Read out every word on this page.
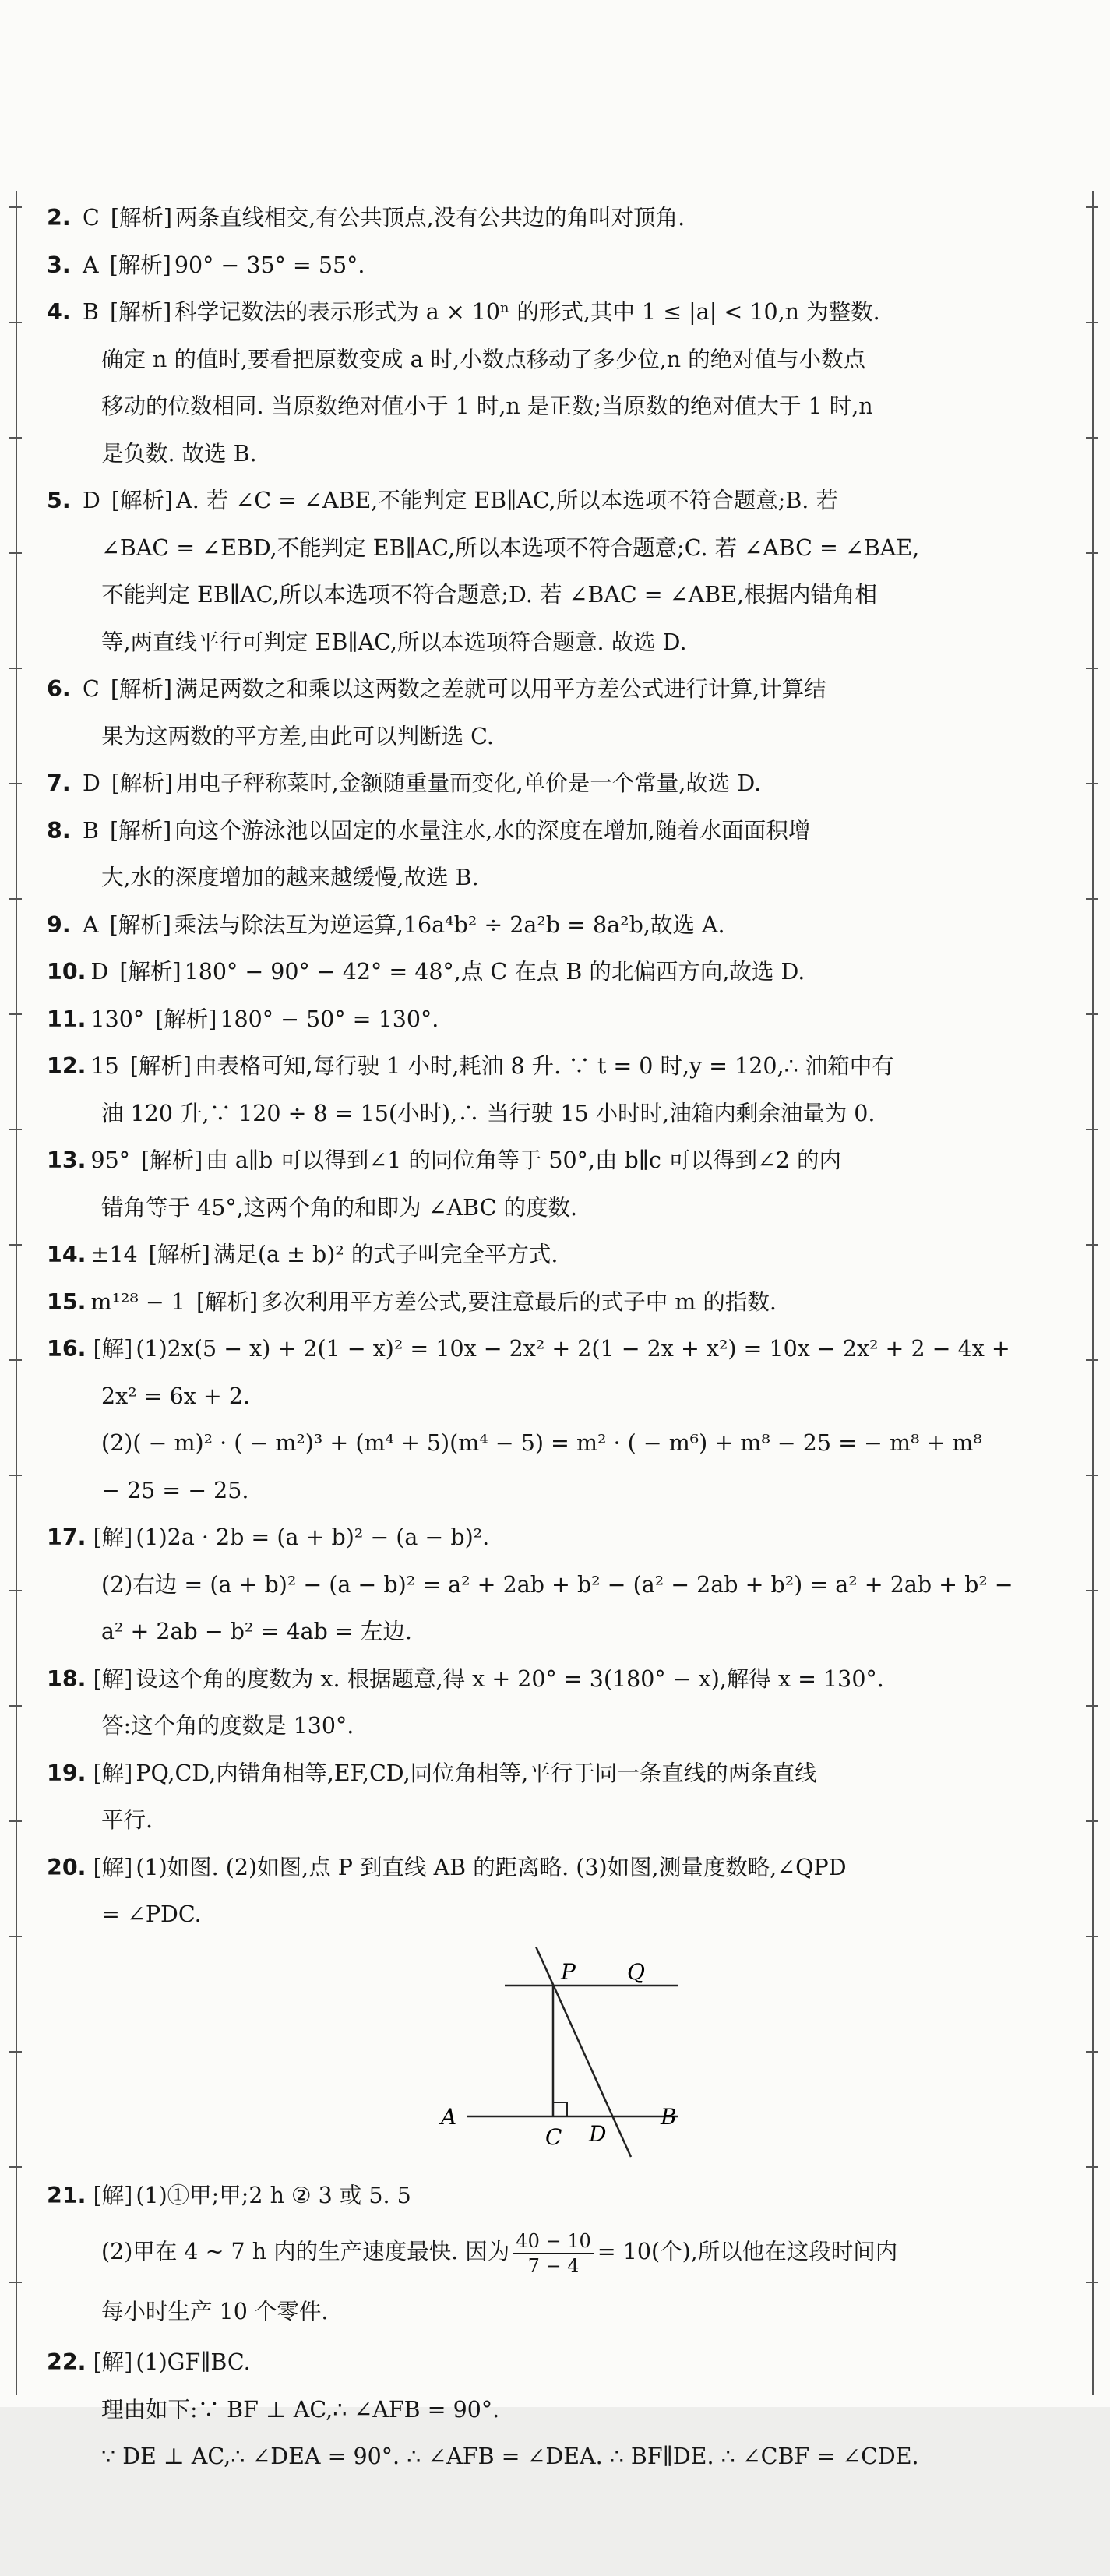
2. C [解析] 两条直线相交,有公共顶点,没有公共边的角叫对顶角.

3. A [解析] 90° − 35° = 55°.

4. B [解析] 科学记数法的表示形式为 a × 10ⁿ 的形式,其中 1 ≤ |a| < 10,n 为整数.

确定 n 的值时,要看把原数变成 a 时,小数点移动了多少位,n 的绝对值与小数点

移动的位数相同. 当原数绝对值小于 1 时,n 是正数;当原数的绝对值大于 1 时,n

是负数. 故选 B.

5. D [解析] A. 若 ∠C = ∠ABE,不能判定 EB∥AC,所以本选项不符合题意;B. 若

∠BAC = ∠EBD,不能判定 EB∥AC,所以本选项不符合题意;C. 若 ∠ABC = ∠BAE,

不能判定 EB∥AC,所以本选项不符合题意;D. 若 ∠BAC = ∠ABE,根据内错角相

等,两直线平行可判定 EB∥AC,所以本选项符合题意. 故选 D.

6. C [解析] 满足两数之和乘以这两数之差就可以用平方差公式进行计算,计算结

果为这两数的平方差,由此可以判断选 C.

7. D [解析] 用电子秤称菜时,金额随重量而变化,单价是一个常量,故选 D.

8. B [解析] 向这个游泳池以固定的水量注水,水的深度在增加,随着水面面积增

大,水的深度增加的越来越缓慢,故选 B.

9. A [解析] 乘法与除法互为逆运算,16a⁴b² ÷ 2a²b = 8a²b,故选 A.

10. D [解析] 180° − 90° − 42° = 48°,点 C 在点 B 的北偏西方向,故选 D.

11. 130° [解析] 180° − 50° = 130°.

12. 15 [解析] 由表格可知,每行驶 1 小时,耗油 8 升. ∵ t = 0 时,y = 120,∴ 油箱中有

油 120 升,∵ 120 ÷ 8 = 15(小时),∴ 当行驶 15 小时时,油箱内剩余油量为 0.

13. 95° [解析] 由 a∥b 可以得到∠1 的同位角等于 50°,由 b∥c 可以得到∠2 的内

错角等于 45°,这两个角的和即为 ∠ABC 的度数.

14. ±14 [解析] 满足(a ± b)² 的式子叫完全平方式.

15. m¹²⁸ − 1 [解析] 多次利用平方差公式,要注意最后的式子中 m 的指数.

16. [解] (1)2x(5 − x) + 2(1 − x)² = 10x − 2x² + 2(1 − 2x + x²) = 10x − 2x² + 2 − 4x +

2x² = 6x + 2.

(2)( − m)² · ( − m²)³ + (m⁴ + 5)(m⁴ − 5) = m² · ( − m⁶) + m⁸ − 25 = − m⁸ + m⁸

− 25 = − 25.

17. [解] (1)2a · 2b = (a + b)² − (a − b)².

(2)右边 = (a + b)² − (a − b)² = a² + 2ab + b² − (a² − 2ab + b²) = a² + 2ab + b² −

a² + 2ab − b² = 4ab = 左边.

18. [解] 设这个角的度数为 x. 根据题意,得 x + 20° = 3(180° − x),解得 x = 130°.

答:这个角的度数是 130°.

19. [解] PQ,CD,内错角相等,EF,CD,同位角相等,平行于同一条直线的两条直线

平行.

20. [解] (1)如图. (2)如图,点 P 到直线 AB 的距离略. (3)如图,测量度数略,∠QPD

= ∠PDC.

P Q
A	B
C D

21. [解] (1)①甲;甲;2 h ② 3 或 5. 5

(2)甲在 4 ~ 7 h 内的生产速度最快. 因为 $\frac{40 - 10}{7 - 4} = 10$(个),所以他在这段时间内

每小时生产 10 个零件.

22. [解] (1)GF∥BC.

理由如下:∵ BF ⊥ AC,∴ ∠AFB = 90°.

∵ DE ⊥ AC,∴ ∠DEA = 90°. ∴ ∠AFB = ∠DEA. ∴ BF∥DE. ∴ ∠CBF = ∠CDE.
